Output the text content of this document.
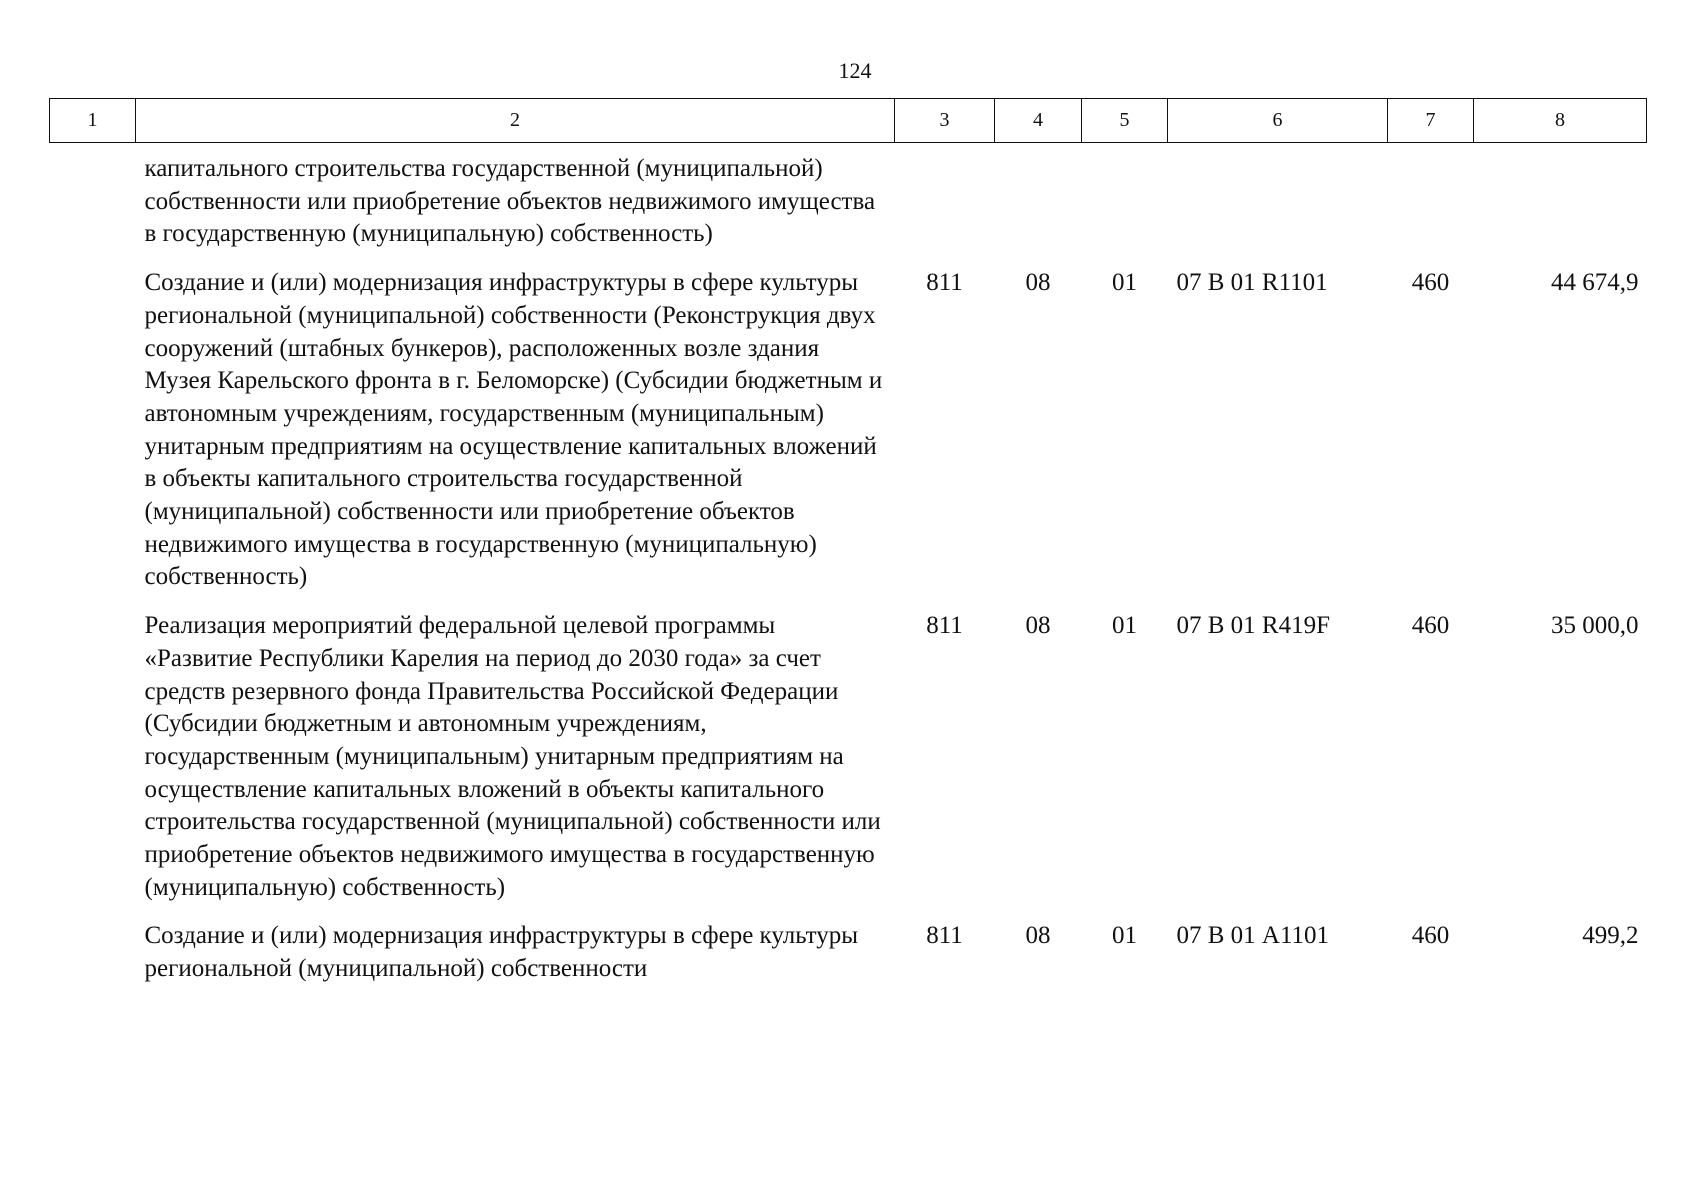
124
1	2	3	4	5	6	7	8
	капитального строительства государственной (муниципальной) собственности или приобретение объектов недвижимого имущества в государственную (муниципальную) собственность)						
	Создание и (или) модернизация инфраструктуры в сфере культуры региональной (муниципальной) собственности (Реконструкция двух сооружений (штабных бункеров), расположенных возле здания Музея Карельского фронта в г. Беломорске) (Субсидии бюджетным и автономным учреждениям, государственным (муниципальным) унитарным предприятиям на осуществление капитальных вложений в объекты капитального строительства государственной (муниципальной) собственности или приобретение объектов недвижимого имущества в государственную (муниципальную) собственность)	811	08	01	07 В 01 R1101	460	44 674,9
	Реализация мероприятий федеральной целевой программы «Развитие Республики Карелия на период до 2030 года» за счет средств резервного фонда Правительства Российской Федерации (Субсидии бюджетным и автономным учреждениям, государственным (муниципальным) унитарным предприятиям на осуществление капитальных вложений в объекты капитального строительства государственной (муниципальной) собственности или приобретение объектов недвижимого имущества в государственную (муниципальную) собственность)	811	08	01	07 В 01 R419F	460	35 000,0
	Создание и (или) модернизация инфраструктуры в сфере культуры региональной (муниципальной) собственности	811	08	01	07 В 01 А1101	460	499,2
